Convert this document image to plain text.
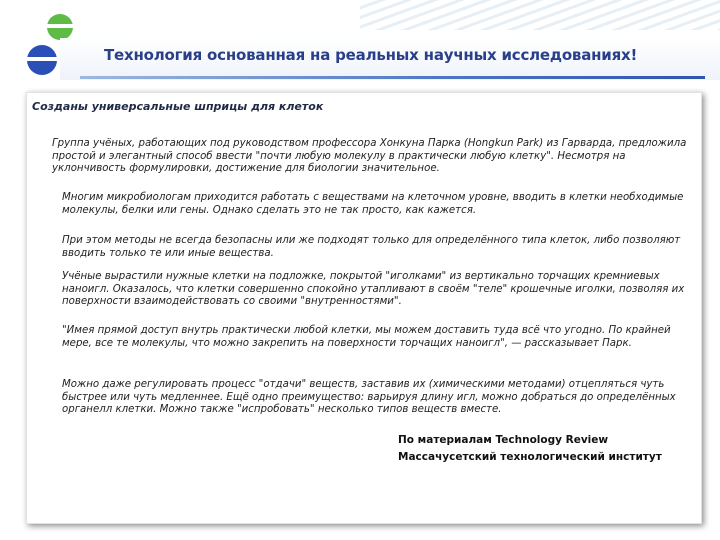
Технология основанная на реальных научных исследованиях!
Созданы универсальные шприцы для клеток

Группа учёных, работающих под руководством профессора Хонкуна Парка (Hongkun Park) из Гарварда, предложила простой и элегантный способ ввести "почти любую молекулу в практически любую клетку". Несмотря на уклончивость формулировки, достижение для биологии значительное.

Многим микробиологам приходится работать с веществами на клеточном уровне, вводить в клетки необходимые молекулы, белки или гены. Однако сделать это не так просто, как кажется.

При этом методы не всегда безопасны или же подходят только для определённого типа клеток, либо позволяют вводить только те или иные вещества.

Учёные вырастили нужные клетки на подложке, покрытой "иголками" из вертикально торчащих кремниевых наноигл. Оказалось, что клетки совершенно спокойно утапливают в своём "теле" крошечные иголки, позволяя их поверхности взаимодействовать со своими "внутренностями".

"Имея прямой доступ внутрь практически любой клетки, мы можем доставить туда всё что угодно. По крайней мере, все те молекулы, что можно закрепить на поверхности торчащих наноигл", — рассказывает Парк.

Можно даже регулировать процесс "отдачи" веществ, заставив их (химическими методами) отцепляться чуть быстрее или чуть медленнее. Ещё одно преимущество: варьируя длину игл, можно добраться до определённых органелл клетки. Можно также "испробовать" несколько типов веществ вместе.

По материалам Technology Review
Массачусетский технологический институт
